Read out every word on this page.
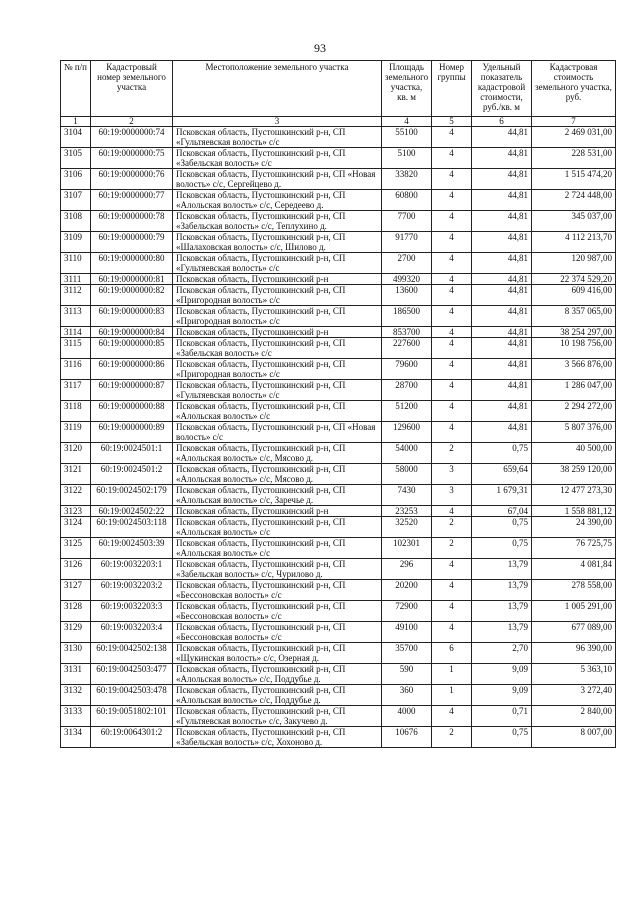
93
№ п/п	Кадастровый номер земельного участка	Местоположение земельного участка	Площадь земельного участка, кв. м	Номер группы	Удельный показатель кадастровой стоимости, руб./кв. м	Кадастровая стоимость земельного участка, руб.
1	2	3	4	5	6	7
3104	60:19:0000000:74	Псковская область, Пустошкинский р-н, СП «Гультяевская волость» с/с	55100	4	44,81	2 469 031,00
3105	60:19:0000000:75	Псковская область, Пустошкинский р-н, СП «Забельская волость» с/с	5100	4	44,81	228 531,00
3106	60:19:0000000:76	Псковская область, Пустошкинский р-н, СП «Новая волость» с/с, Сергейцево д.	33820	4	44,81	1 515 474,20
3107	60:19:0000000:77	Псковская область, Пустошкинский р-н, СП «Алольская волость» с/с, Середеево д.	60800	4	44,81	2 724 448,00
3108	60:19:0000000:78	Псковская область, Пустошкинский р-н, СП «Забельская волость» с/с, Теплухино д.	7700	4	44,81	345 037,00
3109	60:19:0000000:79	Псковская область, Пустошкинский р-н, СП «Шалаховская волость» с/с, Шилово д.	91770	4	44,81	4 112 213,70
3110	60:19:0000000:80	Псковская область, Пустошкинский р-н, СП «Гультяевская волость» с/с	2700	4	44,81	120 987,00
3111	60:19:0000000:81	Псковская область, Пустошкинский р-н	499320	4	44,81	22 374 529,20
3112	60:19:0000000:82	Псковская область, Пустошкинский р-н, СП «Пригородная волость» с/с	13600	4	44,81	609 416,00
3113	60:19:0000000:83	Псковская область, Пустошкинский р-н, СП «Пригородная волость» с/с	186500	4	44,81	8 357 065,00
3114	60:19:0000000:84	Псковская область, Пустошкинский р-н	853700	4	44,81	38 254 297,00
3115	60:19:0000000:85	Псковская область, Пустошкинский р-н, СП «Забельская волость» с/с	227600	4	44,81	10 198 756,00
3116	60:19:0000000:86	Псковская область, Пустошкинский р-н, СП «Пригородная волость» с/с	79600	4	44,81	3 566 876,00
3117	60:19:0000000:87	Псковская область, Пустошкинский р-н, СП «Гультяевская волость» с/с	28700	4	44,81	1 286 047,00
3118	60:19:0000000:88	Псковская область, Пустошкинский р-н, СП «Алольская волость» с/с	51200	4	44,81	2 294 272,00
3119	60:19:0000000:89	Псковская область, Пустошкинский р-н, СП «Новая волость» с/с	129600	4	44,81	5 807 376,00
3120	60:19:0024501:1	Псковская область, Пустошкинский р-н, СП «Алольская волость» с/с, Мясово д.	54000	2	0,75	40 500,00
3121	60:19:0024501:2	Псковская область, Пустошкинский р-н, СП «Алольская волость» с/с, Мясово д.	58000	3	659,64	38 259 120,00
3122	60:19:0024502:179	Псковская область, Пустошкинский р-н, СП «Алольская волость» с/с, Заречье д.	7430	3	1 679,31	12 477 273,30
3123	60:19:0024502:22	Псковская область, Пустошкинский р-н	23253	4	67,04	1 558 881,12
3124	60:19:0024503:118	Псковская область, Пустошкинский р-н, СП «Алольская волость» с/с	32520	2	0,75	24 390,00
3125	60:19:0024503:39	Псковская область, Пустошкинский р-н, СП «Алольская волость» с/с	102301	2	0,75	76 725,75
3126	60:19:0032203:1	Псковская область, Пустошкинский р-н, СП «Забельская волость» с/с, Чурилово д.	296	4	13,79	4 081,84
3127	60:19:0032203:2	Псковская область, Пустошкинский р-н, СП «Бессоновская волость» с/с	20200	4	13,79	278 558,00
3128	60:19:0032203:3	Псковская область, Пустошкинский р-н, СП «Бессоновская волость» с/с	72900	4	13,79	1 005 291,00
3129	60:19:0032203:4	Псковская область, Пустошкинский р-н, СП «Бессоновская волость» с/с	49100	4	13,79	677 089,00
3130	60:19:0042502:138	Псковская область, Пустошкинский р-н, СП «Щукинская волость» с/с, Озерная д.	35700	6	2,70	96 390,00
3131	60:19:0042503:477	Псковская область, Пустошкинский р-н, СП «Алольская волость» с/с, Поддубье д.	590	1	9,09	5 363,10
3132	60:19:0042503:478	Псковская область, Пустошкинский р-н, СП «Алольская волость» с/с, Поддубье д.	360	1	9,09	3 272,40
3133	60:19:0051802:101	Псковская область, Пустошкинский р-н, СП «Гультяевская волость» с/с, Закучево д.	4000	4	0,71	2 840,00
3134	60:19:0064301:2	Псковская область, Пустошкинский р-н, СП «Забельская волость» с/с, Хохоново д.	10676	2	0,75	8 007,00
